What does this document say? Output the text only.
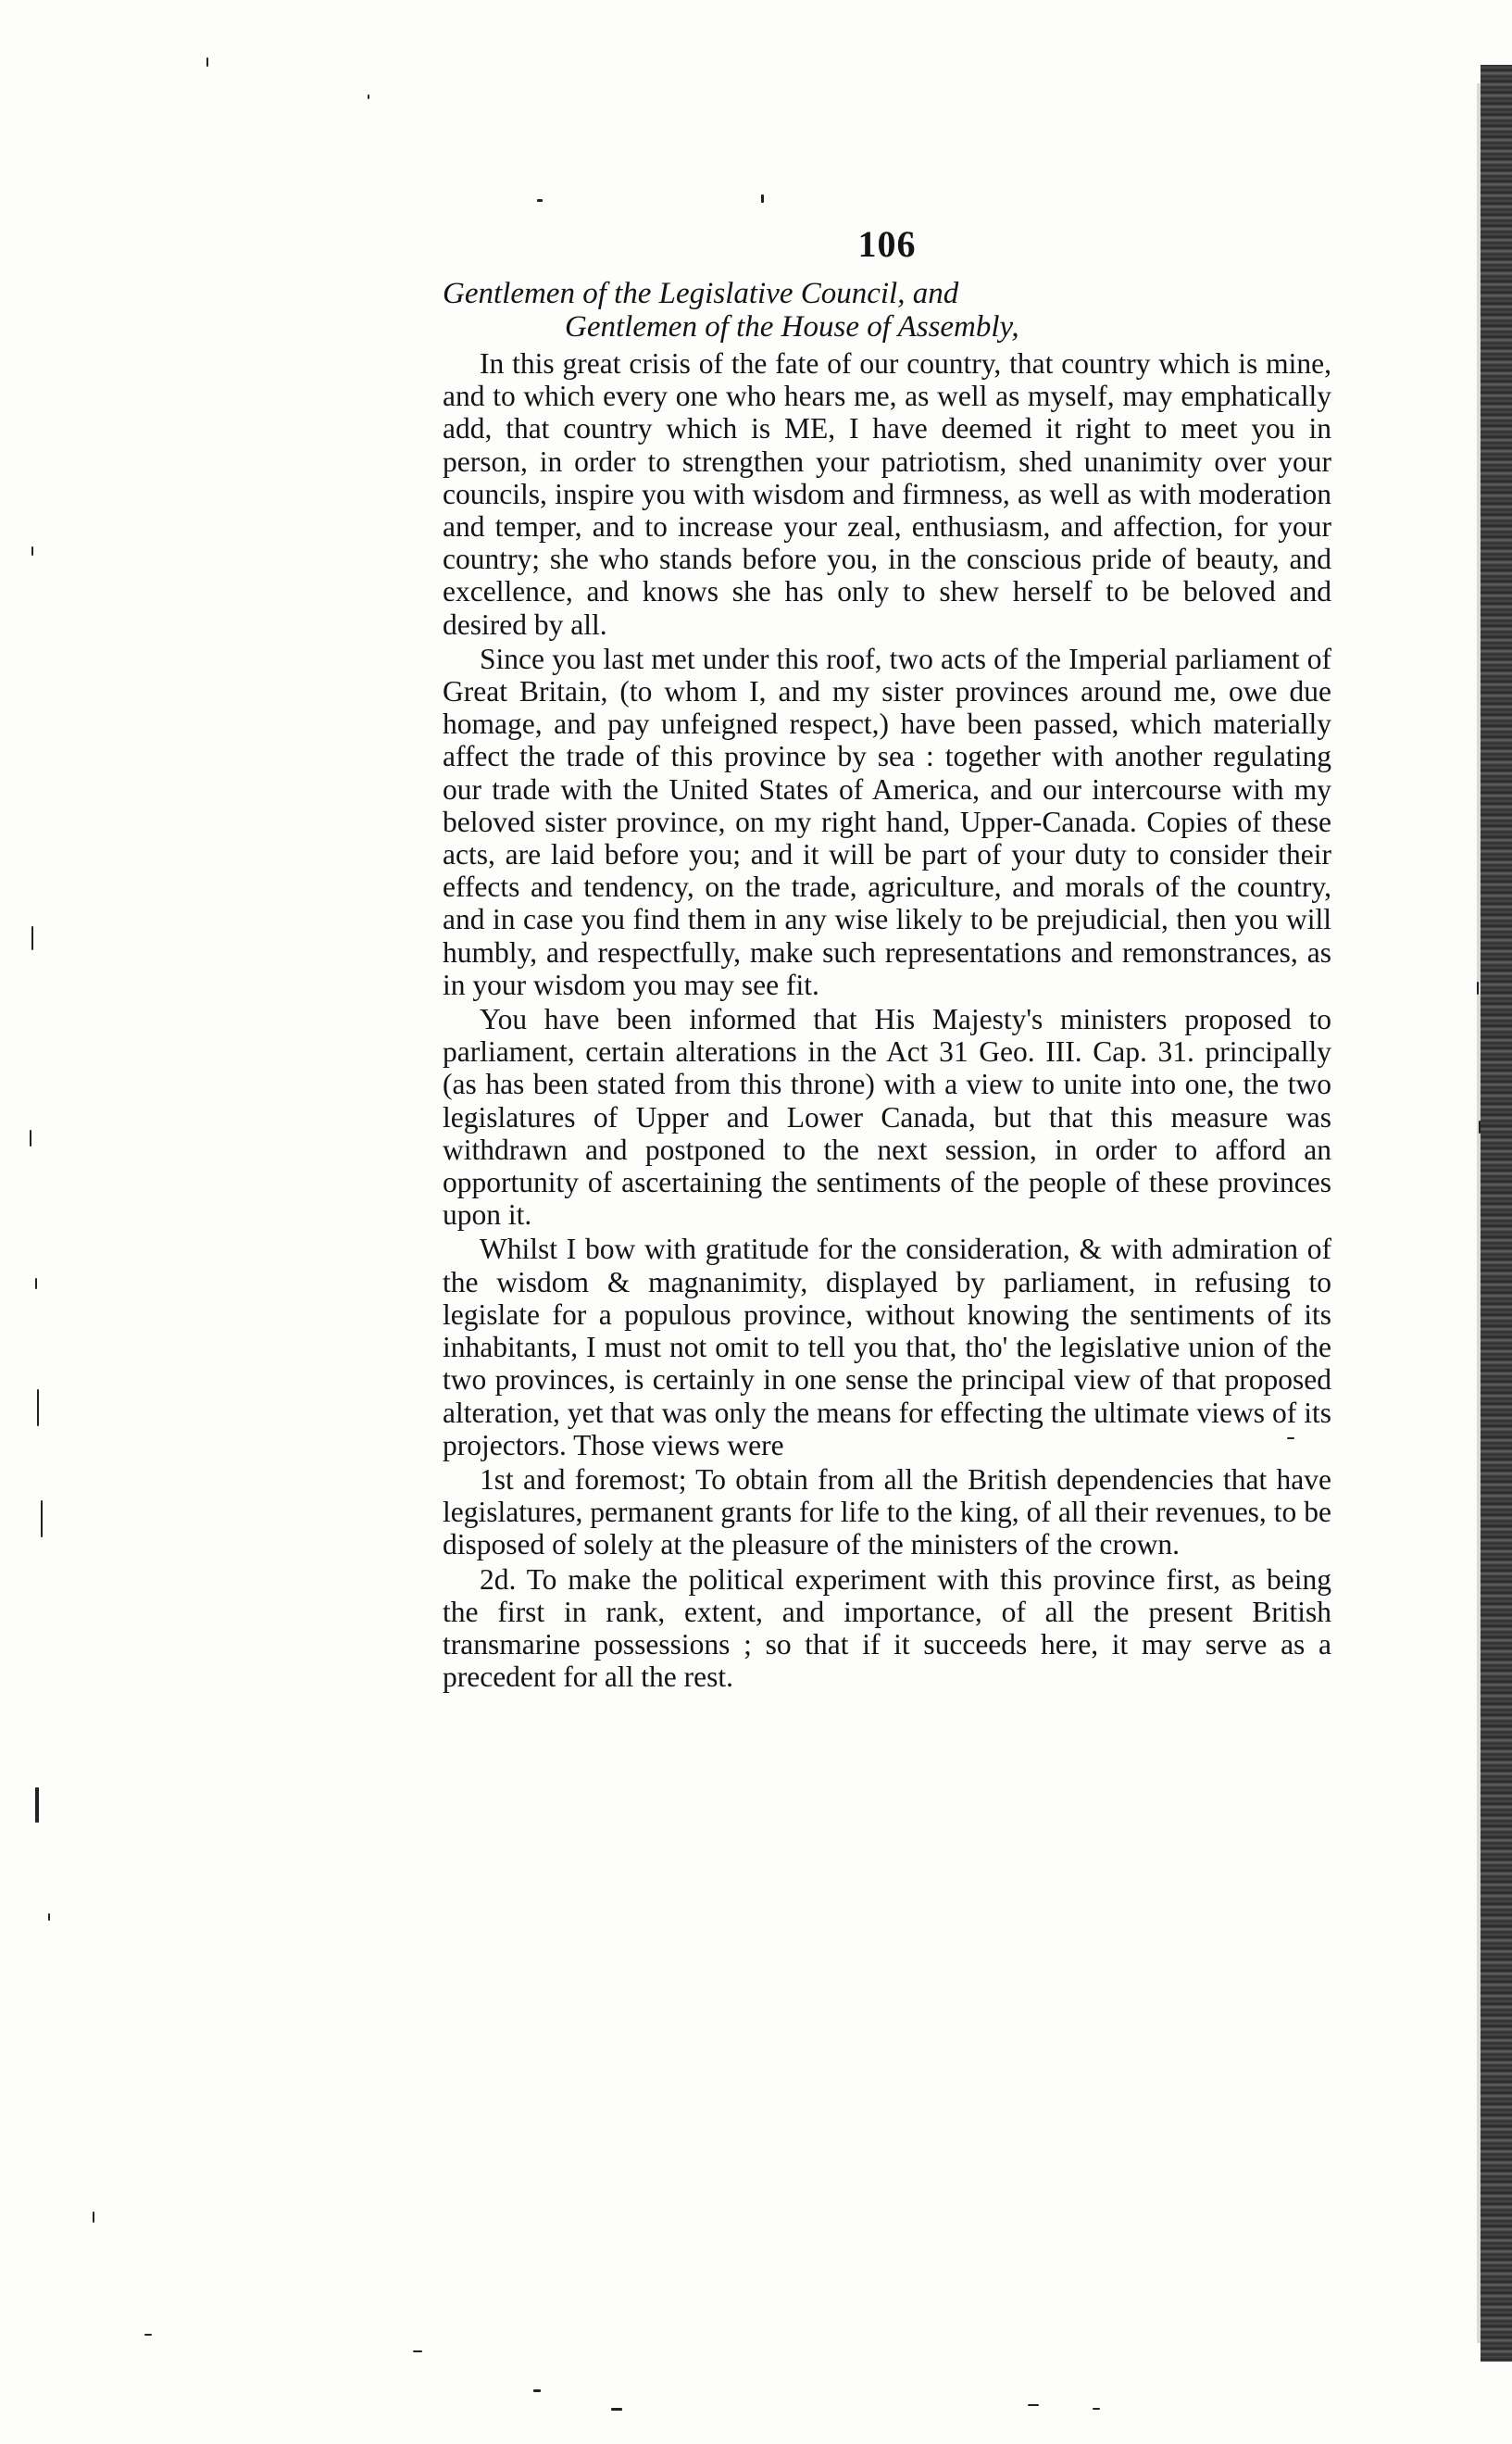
106

Gentlemen of the Legislative Council, and

Gentlemen of the House of Assembly,

In this great crisis of the fate of our country, that country which is mine, and to which every one who hears me, as well as myself, may emphatically add, that country which is ME, I have deemed it right to meet you in person, in order to strengthen your patriotism, shed unanimity over your councils, inspire you with wisdom and firmness, as well as with moderation and temper, and to increase your zeal, enthusiasm, and affection, for your country; she who stands before you, in the conscious pride of beauty, and excellence, and knows she has only to shew herself to be beloved and desired by all.

Since you last met under this roof, two acts of the Imperial parliament of Great Britain, (to whom I, and my sister provinces around me, owe due homage, and pay unfeigned respect,) have been passed, which materially affect the trade of this province by sea : together with another regulating our trade with the United States of America, and our intercourse with my beloved sister province, on my right hand, Upper-Canada. Copies of these acts, are laid before you; and it will be part of your duty to consider their effects and tendency, on the trade, agriculture, and morals of the country, and in case you find them in any wise likely to be prejudicial, then you will humbly, and respectfully, make such representations and remonstrances, as in your wisdom you may see fit.

You have been informed that His Majesty's ministers proposed to parliament, certain alterations in the Act 31 Geo. III. Cap. 31. principally (as has been stated from this throne) with a view to unite into one, the two legislatures of Upper and Lower Canada, but that this measure was withdrawn and postponed to the next session, in order to afford an opportunity of ascertaining the sentiments of the people of these provinces upon it.

Whilst I bow with gratitude for the consideration, & with admiration of the wisdom & magnanimity, displayed by parliament, in refusing to legislate for a populous province, without knowing the sentiments of its inhabitants, I must not omit to tell you that, tho' the legislative union of the two provinces, is certainly in one sense the principal view of that proposed alteration, yet that was only the means for effecting the ultimate views of its projectors. Those views were

1st and foremost; To obtain from all the British dependencies that have legislatures, permanent grants for life to the king, of all their revenues, to be disposed of solely at the pleasure of the ministers of the crown.

2d. To make the political experiment with this province first, as being the first in rank, extent, and importance, of all the present British transmarine possessions ; so that if it succeeds here, it may serve as a precedent for all the rest.
